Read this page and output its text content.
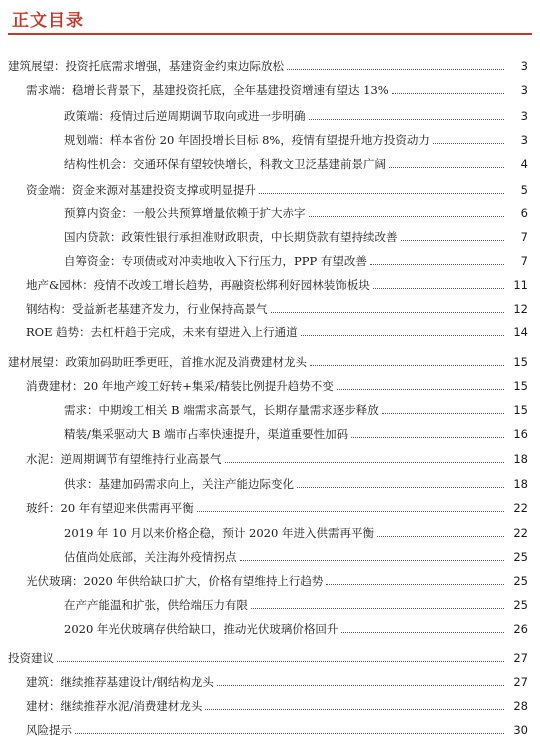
正文目录
建筑展望：投资托底需求增强，基建资金约束边际放松	3
需求端：稳增长背景下，基建投资托底，全年基建投资增速有望达 13%	3
政策端：疫情过后逆周期调节取向或进一步明确	3
规划端：样本省份 20 年固投增长目标 8%，疫情有望提升地方投资动力	3
结构性机会：交通环保有望较快增长，科教文卫泛基建前景广阔	4
资金端：资金来源对基建投资支撑或明显提升	5
预算内资金：一般公共预算增量依赖于扩大赤字	6
国内贷款：政策性银行承担准财政职责，中长期贷款有望持续改善	7
自筹资金：专项债或对冲卖地收入下行压力，PPP 有望改善	7
地产&园林：疫情不改竣工增长趋势，再融资松绑利好园林装饰板块	11
钢结构：受益新老基建齐发力，行业保持高景气	12
ROE 趋势：去杠杆趋于完成，未来有望进入上行通道	14
建材展望：政策加码助旺季更旺，首推水泥及消费建材龙头	15
消费建材：20 年地产竣工好转+集采/精装比例提升趋势不变	15
需求：中期竣工相关 B 端需求高景气，长期存量需求逐步释放	15
精装/集采驱动大 B 端市占率快速提升，渠道重要性加码	16
水泥：逆周期调节有望维持行业高景气	18
供求：基建加码需求向上，关注产能边际变化	18
玻纤：20 年有望迎来供需再平衡	22
2019 年 10 月以来价格企稳，预计 2020 年进入供需再平衡	22
估值尚处底部，关注海外疫情拐点	25
光伏玻璃：2020 年供给缺口扩大，价格有望维持上行趋势	25
在产产能温和扩张，供给端压力有限	25
2020 年光伏玻璃存供给缺口，推动光伏玻璃价格回升	26
投资建议	27
建筑：继续推荐基建设计/钢结构龙头	27
建材：继续推荐水泥/消费建材龙头	28
风险提示	30
